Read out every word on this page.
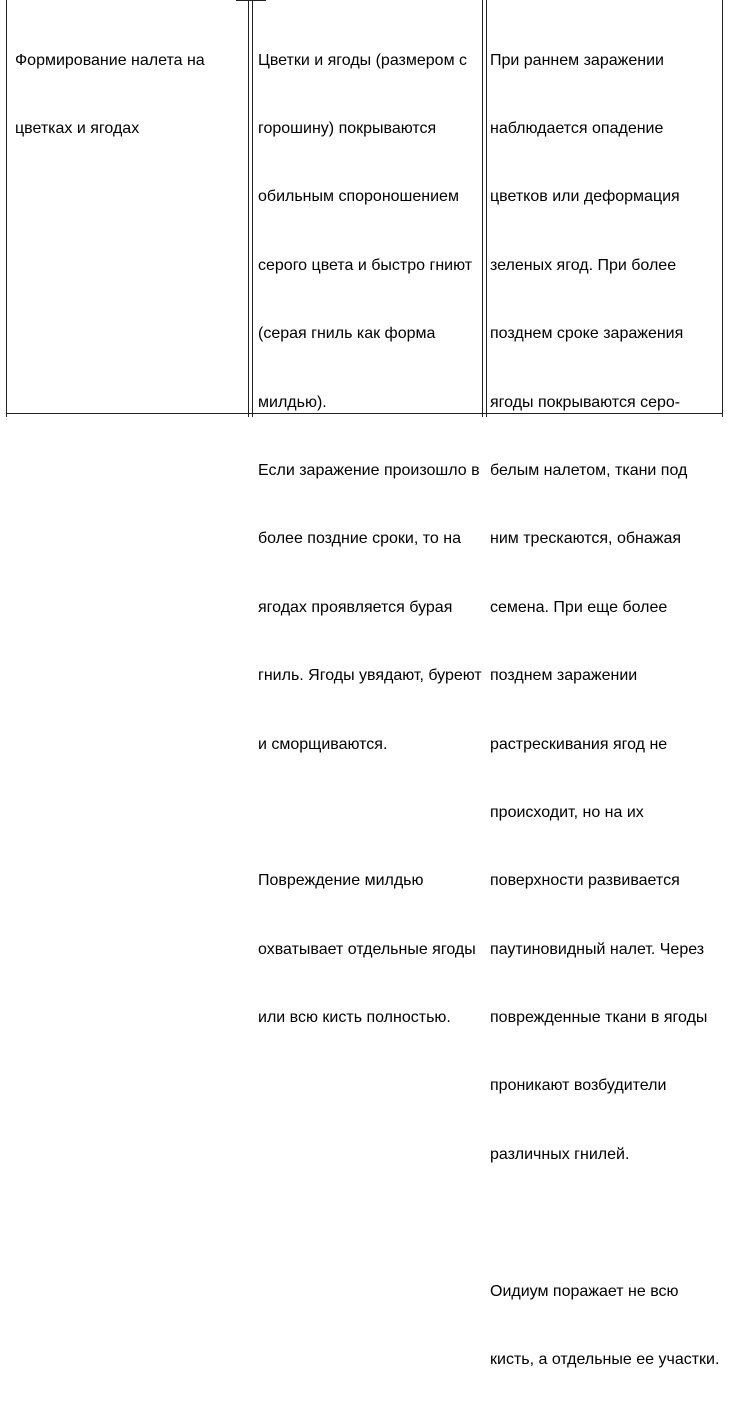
Формирование налета на

цветках и ягодах

Цветки и ягоды (размером с

горошину) покрываются

обильным спороношением

серого цвета и быстро гниют

(серая гниль как форма

милдью).

Если заражение произошло в

более поздние сроки, то на

ягодах проявляется бурая

гниль. Ягоды увядают, буреют

и сморщиваются.

Повреждение милдью

охватывает отдельные ягоды

или всю кисть полностью.

При раннем заражении

наблюдается опадение

цветков или деформация

зеленых ягод. При более

позднем сроке заражения

ягоды покрываются серо-

белым налетом, ткани под

ним трескаются, обнажая

семена. При еще более

позднем заражении

растрескивания ягод не

происходит, но на их

поверхности развивается

паутиновидный налет. Через

поврежденные ткани в ягоды

проникают возбудители

различных гнилей.

Оидиум поражает не всю

кисть, а отдельные ее участки.
